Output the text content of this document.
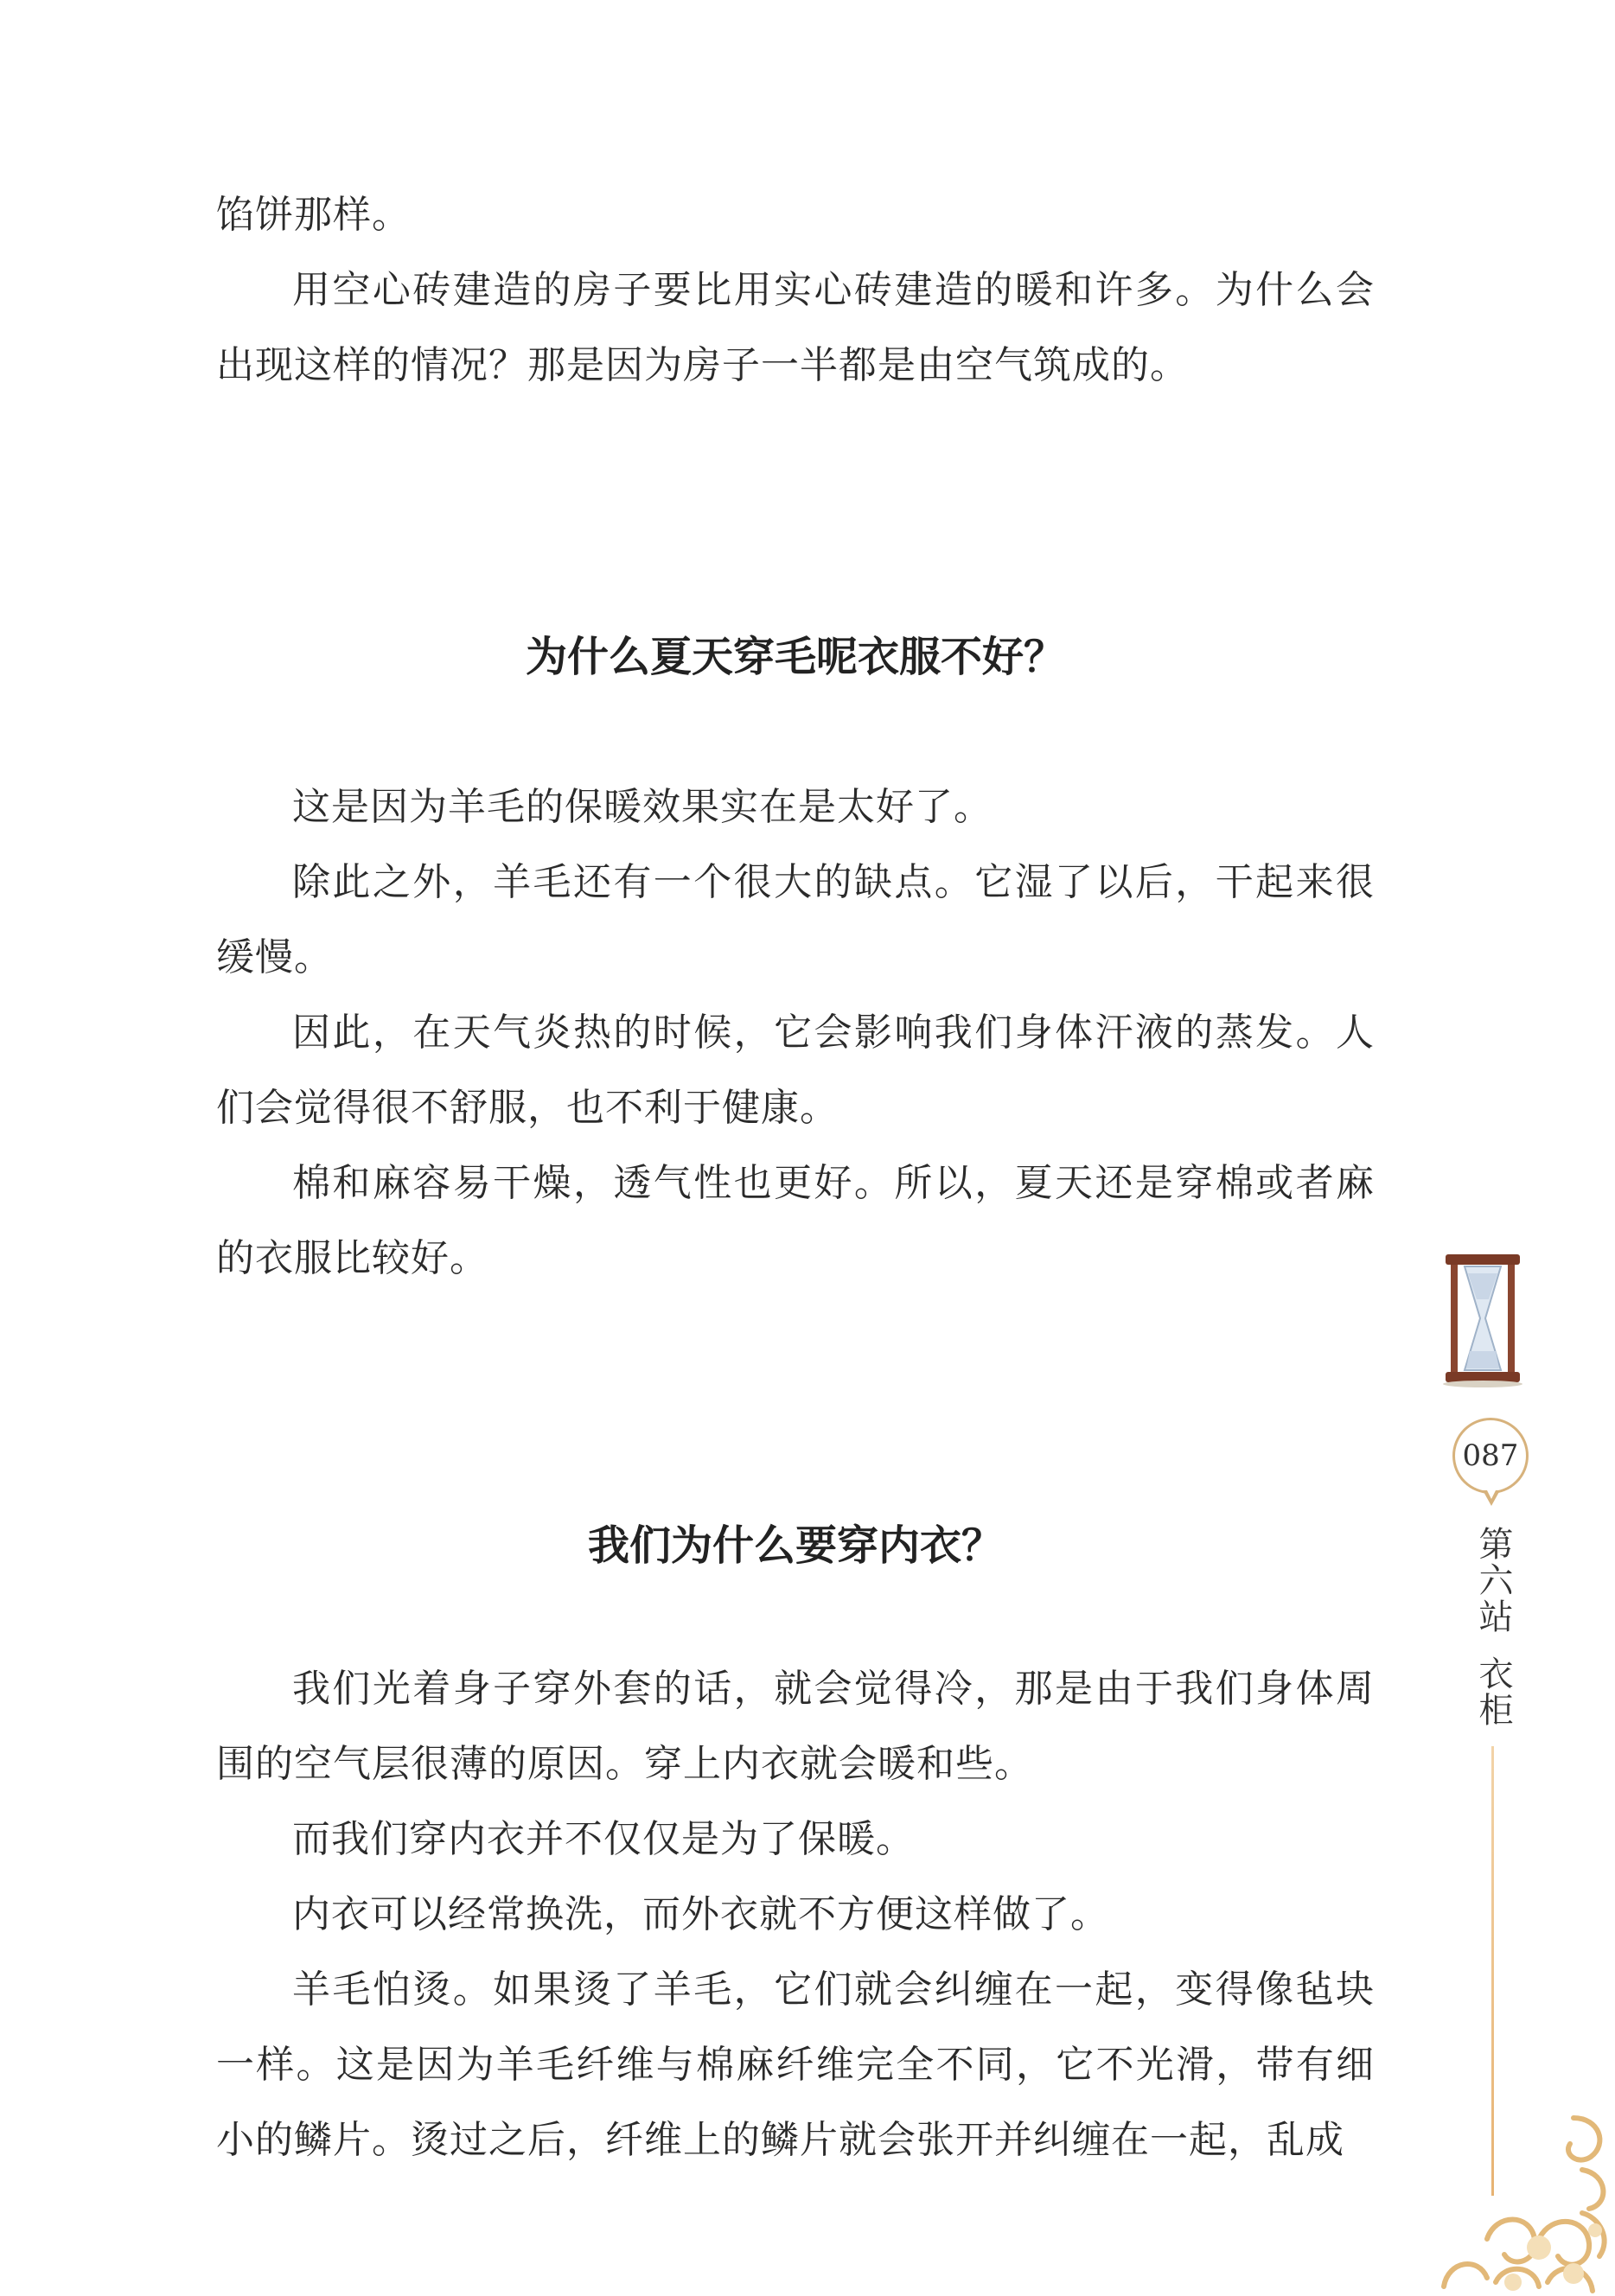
馅饼那样。

用空心砖建造的房子要比用实心砖建造的暖和许多。为什么会出现这样的情况？那是因为房子一半都是由空气筑成的。

为什么夏天穿毛呢衣服不好？

这是因为羊毛的保暖效果实在是太好了。

除此之外，羊毛还有一个很大的缺点。它湿了以后，干起来很缓慢。

因此，在天气炎热的时候，它会影响我们身体汗液的蒸发。人们会觉得很不舒服，也不利于健康。

棉和麻容易干燥，透气性也更好。所以，夏天还是穿棉或者麻的衣服比较好。

我们为什么要穿内衣？

我们光着身子穿外套的话，就会觉得冷，那是由于我们身体周围的空气层很薄的原因。穿上内衣就会暖和些。

而我们穿内衣并不仅仅是为了保暖。

内衣可以经常换洗，而外衣就不方便这样做了。

羊毛怕烫。如果烫了羊毛，它们就会纠缠在一起，变得像毡块一样。这是因为羊毛纤维与棉麻纤维完全不同，它不光滑，带有细小的鳞片。烫过之后，纤维上的鳞片就会张开并纠缠在一起，乱成

087
第六站
衣柜
